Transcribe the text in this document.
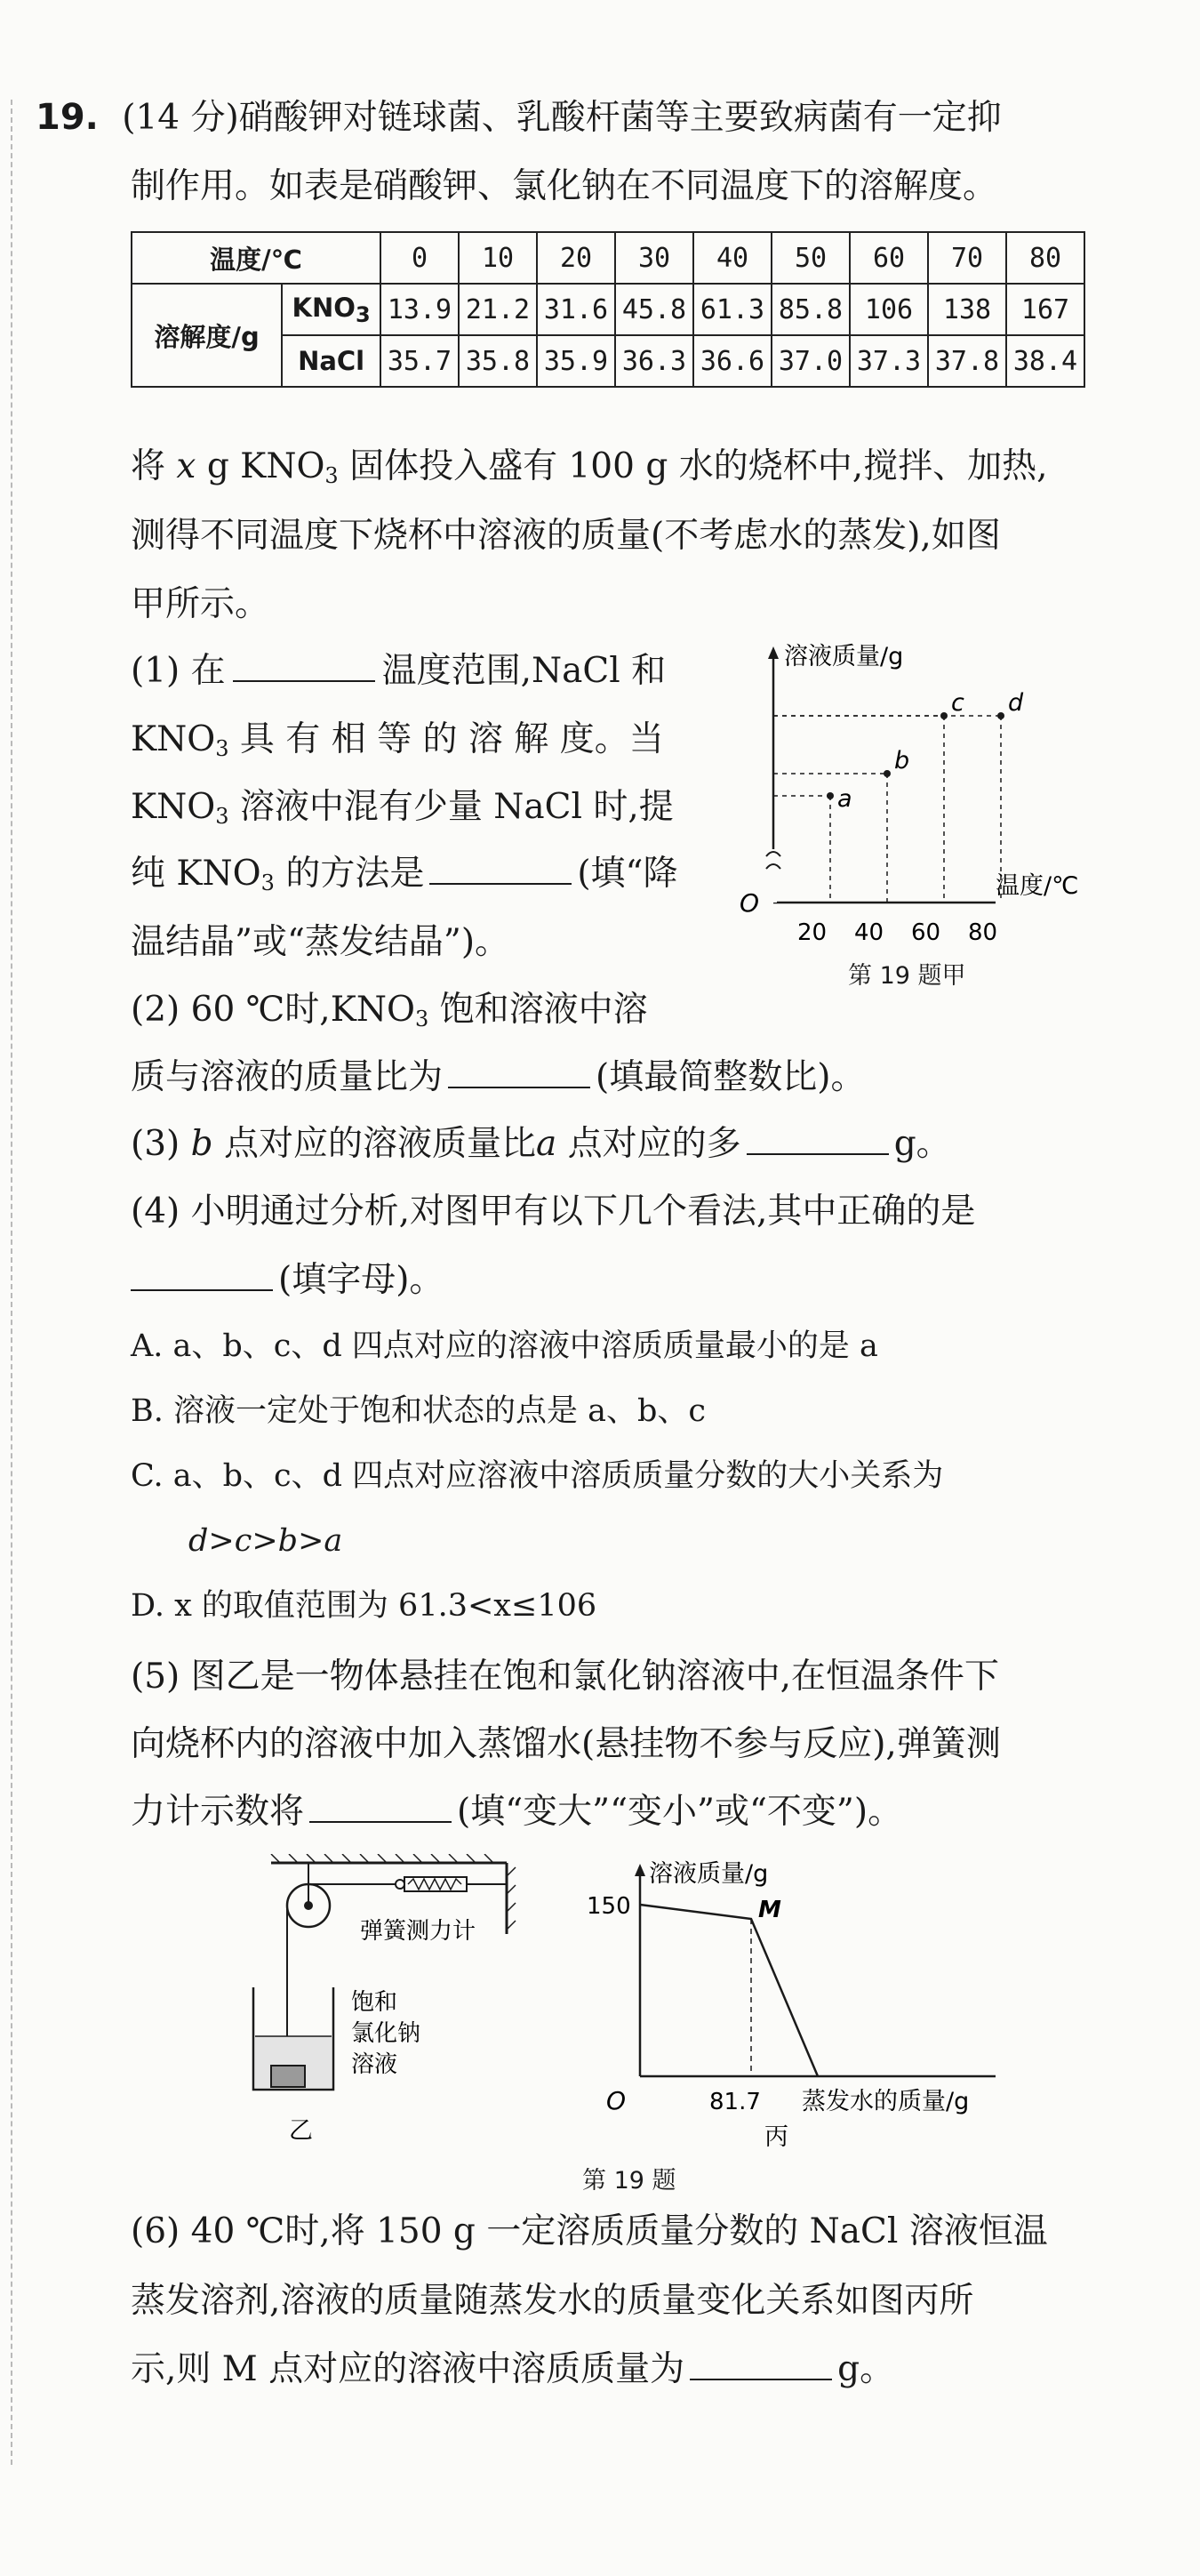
19. (14 分)硝酸钾对链球菌、乳酸杆菌等主要致病菌有一定抑
制作用。如表是硝酸钾、氯化钠在不同温度下的溶解度。
温度/℃		0	10	20	30	40	50	60	70	80
溶解度/g	$KNO_3$	13.9	21.2	31.6	45.8	61.3	85.8	106	138	167
	NaCl	35.7	35.8	35.9	36.3	36.6	37.0	37.3	37.8	38.4
将 x g $KNO_3$ 固体投入盛有 100 g 水的烧杯中,搅拌、加热,
测得不同温度下烧杯中溶液的质量(不考虑水的蒸发),如图
甲所示。
(1) 在	温度范围,NaCl 和
$KNO_3$ 具 有 相 等 的 溶 解 度。当
$KNO_3$ 溶液中混有少量 NaCl 时,提
纯 $KNO_3$ 的方法是	(填“降
温结晶”或“蒸发结晶”)。
溶液质量/g
温度/℃
O
a
b
c d
20 40 60 80
第 19 题甲
(2) 60 ℃时$,KNO_3$ 饱和溶液中溶
质与溶液的质量比为	(填最简整数比)。
(3) b 点对应的溶液质量比a 点对应的多	g。
(4) 小明通过分析,对图甲有以下几个看法,其中正确的是
(填字母)。
A. a、b、c、d 四点对应的溶液中溶质质量最小的是 a
B. 溶液一定处于饱和状态的点是 a、b、c
C. a、b、c、d 四点对应溶液中溶质质量分数的大小关系为
d>c>b>a
D. x 的取值范围为 61.3<x≤106
(5) 图乙是一物体悬挂在饱和氯化钠溶液中,在恒温条件下
向烧杯内的溶液中加入蒸馏水(悬挂物不参与反应),弹簧测
力计示数将	(填“变大”“变小”或“不变”)。
弹簧测力计
饱和
氯化钠
溶液
乙
溶液质量/g
150
O
M
81.7 蒸发水的质量/g
丙
第 19 题
(6) 40 ℃时,将 150 g 一定溶质质量分数的 NaCl 溶液恒温
蒸发溶剂,溶液的质量随蒸发水的质量变化关系如图丙所
示,则 M 点对应的溶液中溶质质量为	g。
